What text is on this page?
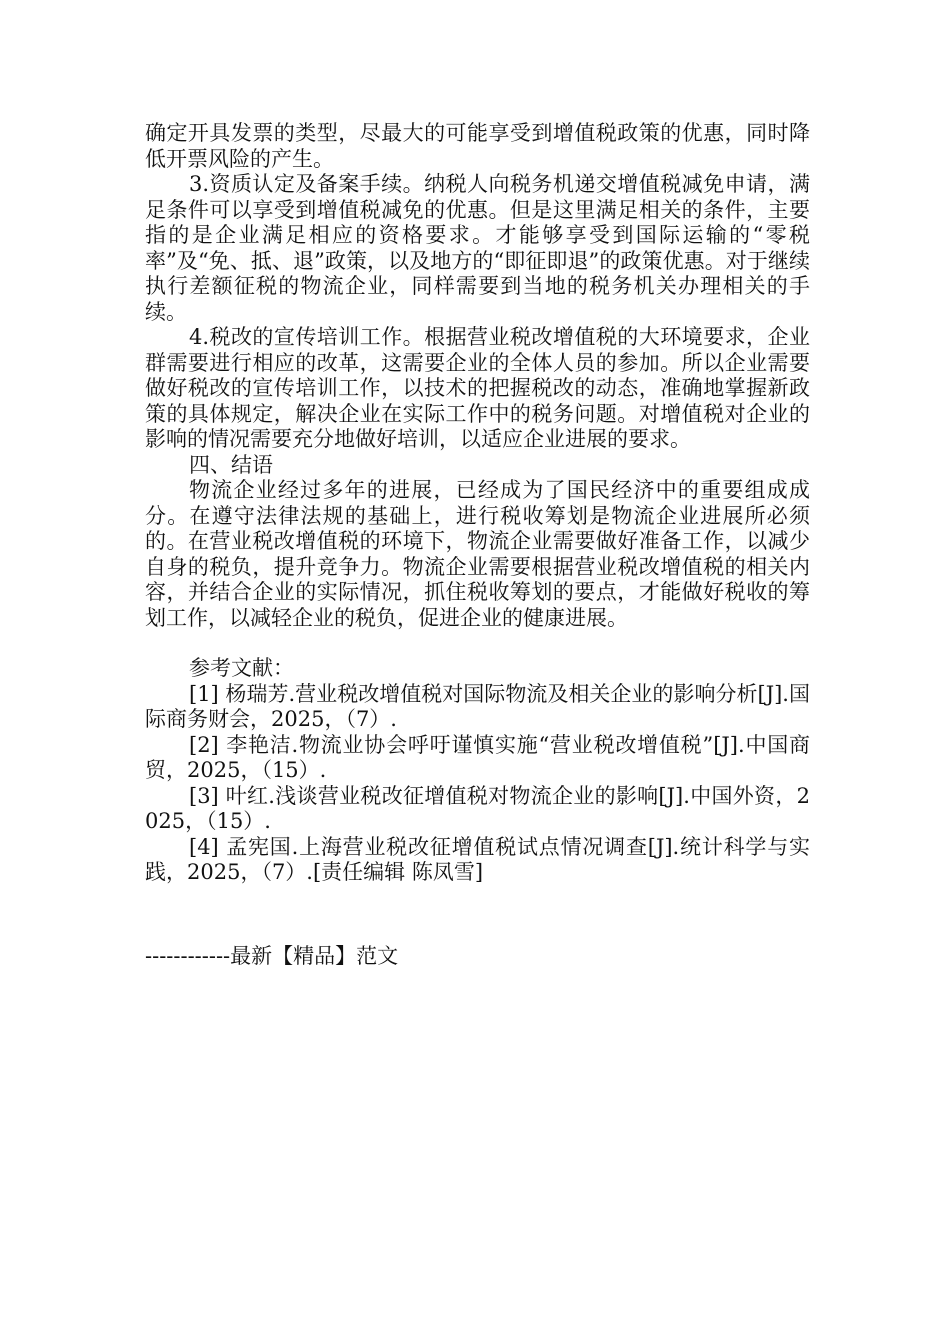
确定开具发票的类型，尽最大的可能享受到增值税政策的优惠，同时降低开票风险的产生。

3.资质认定及备案手续。纳税人向税务机递交增值税减免申请，满足条件可以享受到增值税减免的优惠。但是这里满足相关的条件，主要指的是企业满足相应的资格要求。才能够享受到国际运输的“零税率”及“免、抵、退”政策，以及地方的“即征即退”的政策优惠。对于继续执行差额征税的物流企业，同样需要到当地的税务机关办理相关的手续。

4.税改的宣传培训工作。根据营业税改增值税的大环境要求，企业群需要进行相应的改革，这需要企业的全体人员的参加。所以企业需要做好税改的宣传培训工作，以技术的把握税改的动态，准确地掌握新政策的具体规定，解决企业在实际工作中的税务问题。对增值税对企业的影响的情况需要充分地做好培训，以适应企业进展的要求。

四、结语

物流企业经过多年的进展，已经成为了国民经济中的重要组成成分。在遵守法律法规的基础上，进行税收筹划是物流企业进展所必须的。在营业税改增值税的环境下，物流企业需要做好准备工作，以减少自身的税负，提升竞争力。物流企业需要根据营业税改增值税的相关内容，并结合企业的实际情况，抓住税收筹划的要点，才能做好税收的筹划工作，以减轻企业的税负，促进企业的健康进展。

参考文献：

[1] 杨瑞芳.营业税改增值税对国际物流及相关企业的影响分析[J].国际商务财会，2025，（7）.

[2] 李艳洁.物流业协会呼吁谨慎实施“营业税改增值税”[J].中国商贸，2025，（15）.

[3] 叶红.浅谈营业税改征增值税对物流企业的影响[J].中国外资，2025，（15）.

[4] 孟宪国.上海营业税改征增值税试点情况调查[J].统计科学与实践，2025，（7）.[责任编辑 陈凤雪]

------------最新【精品】范文
